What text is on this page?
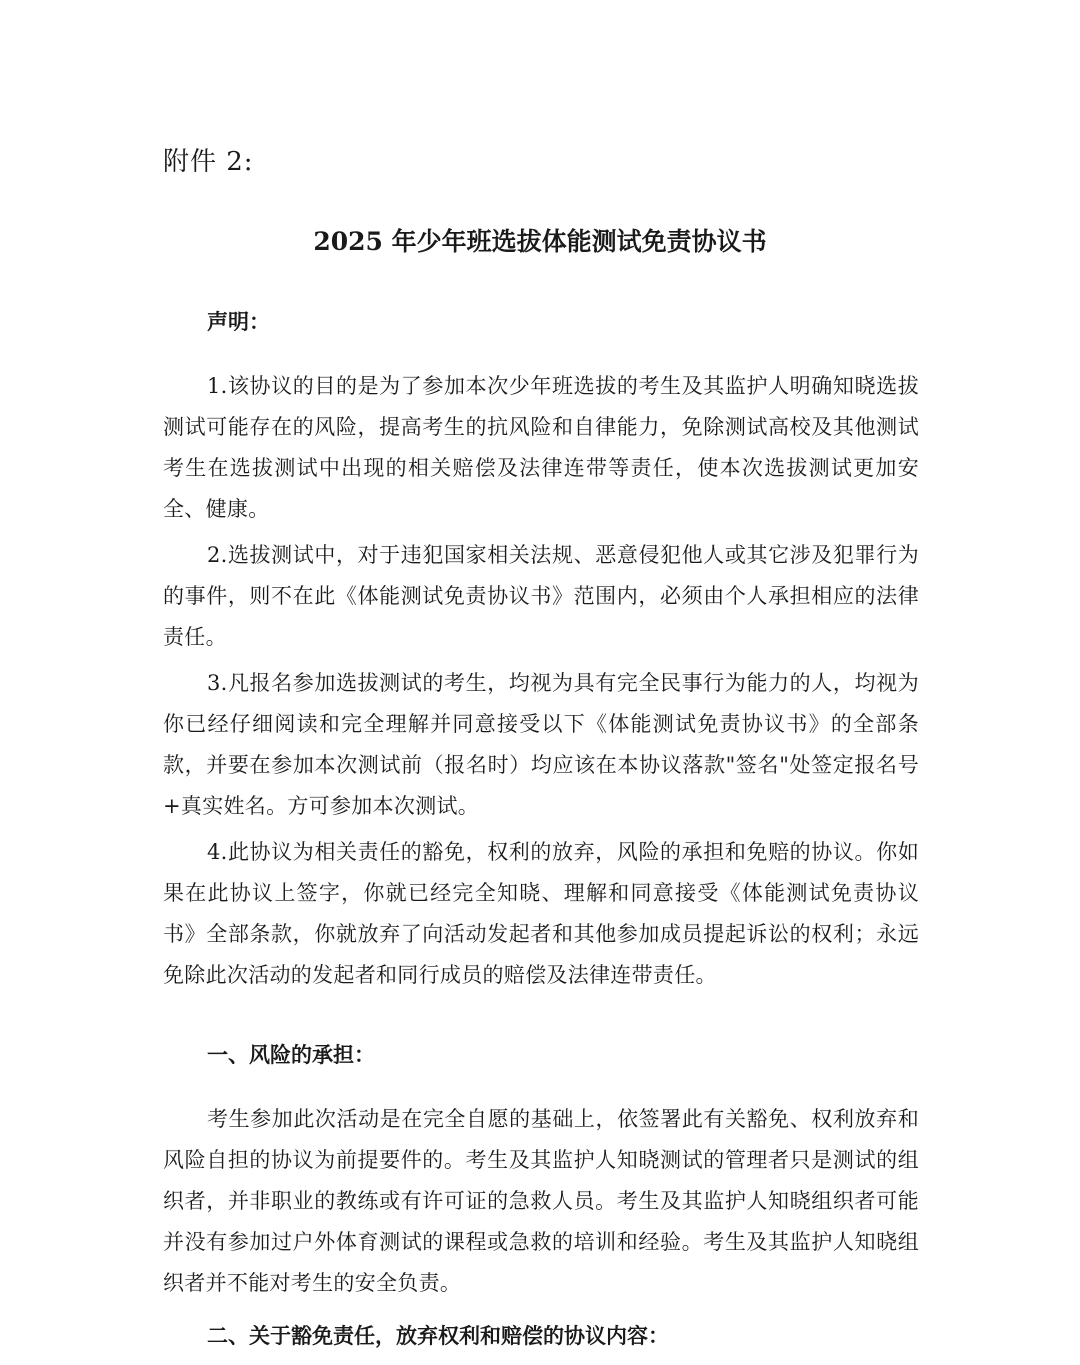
附件 2:
2025 年少年班选拔体能测试免责协议书
声明：
1.该协议的目的是为了参加本次少年班选拔的考生及其监护人明确知晓选拔测试可能存在的风险，提高考生的抗风险和自律能力，免除测试高校及其他测试考生在选拔测试中出现的相关赔偿及法律连带等责任，使本次选拔测试更加安全、健康。
2.选拔测试中，对于违犯国家相关法规、恶意侵犯他人或其它涉及犯罪行为的事件，则不在此《体能测试免责协议书》范围内，必须由个人承担相应的法律责任。
3.凡报名参加选拔测试的考生，均视为具有完全民事行为能力的人，均视为你已经仔细阅读和完全理解并同意接受以下《体能测试免责协议书》的全部条款，并要在参加本次测试前（报名时）均应该在本协议落款"签名"处签定报名号+真实姓名。方可参加本次测试。
4.此协议为相关责任的豁免，权利的放弃，风险的承担和免赔的协议。你如果在此协议上签字，你就已经完全知晓、理解和同意接受《体能测试免责协议书》全部条款，你就放弃了向活动发起者和其他参加成员提起诉讼的权利；永远免除此次活动的发起者和同行成员的赔偿及法律连带责任。
一、风险的承担：
考生参加此次活动是在完全自愿的基础上，依签署此有关豁免、权利放弃和风险自担的协议为前提要件的。考生及其监护人知晓测试的管理者只是测试的组织者，并非职业的教练或有许可证的急救人员。考生及其监护人知晓组织者可能并没有参加过户外体育测试的课程或急救的培训和经验。考生及其监护人知晓组织者并不能对考生的安全负责。
二、关于豁免责任，放弃权利和赔偿的协议内容：
